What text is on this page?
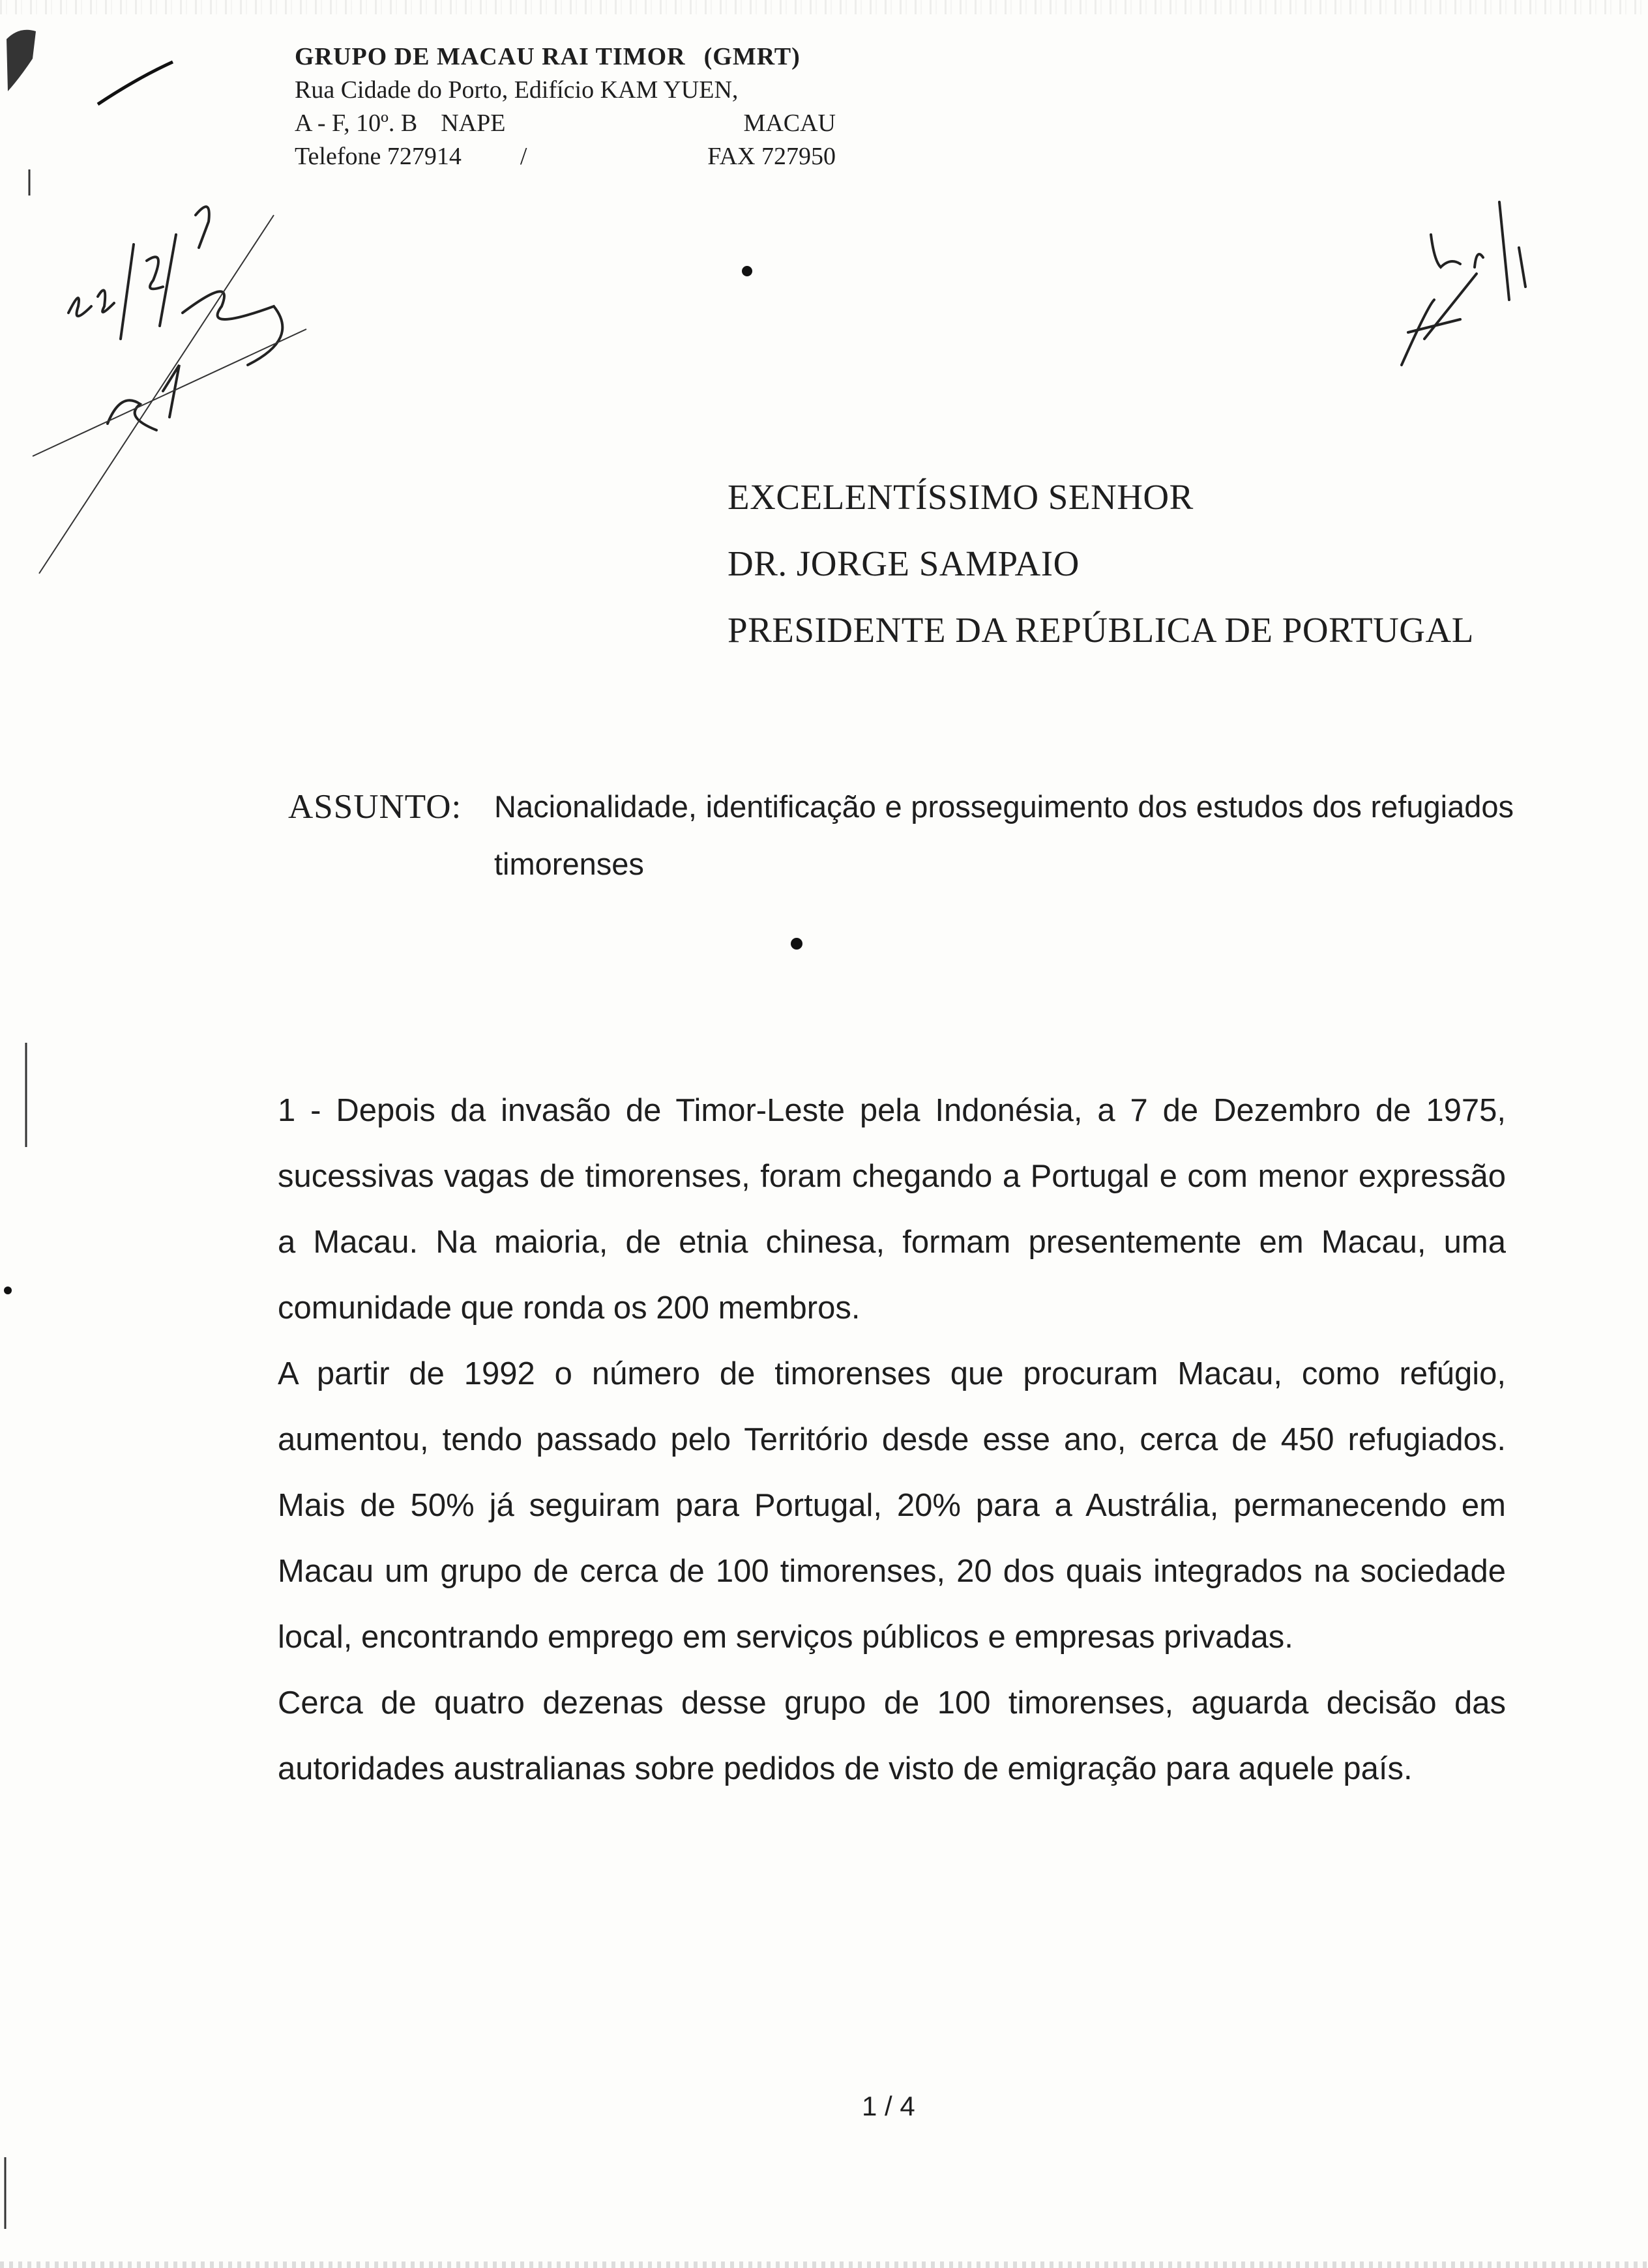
GRUPO DE MACAU RAI TIMOR (GMRT)
Rua Cidade do Porto, Edifício KAM YUEN,
A - F, 10º. B NAPE	MACAU
Telefone 727914 /	FAX 727950
EXCELENTÍSSIMO SENHOR
DR. JORGE SAMPAIO
PRESIDENTE DA REPÚBLICA DE PORTUGAL
ASSUNTO: Nacionalidade, identificação e prosseguimento dos estudos dos refugiados timorenses

1 - Depois da invasão de Timor-Leste pela Indonésia, a 7 de Dezembro de 1975, sucessivas vagas de timorenses, foram chegando a Portugal e com menor expressão a Macau. Na maioria, de etnia chinesa, formam presentemente em Macau, uma comunidade que ronda os 200 membros.

A partir de 1992 o número de timorenses que procuram Macau, como refúgio, aumentou, tendo passado pelo Território desde esse ano, cerca de 450 refugiados. Mais de 50% já seguiram para Portugal, 20% para a Austrália, permanecendo em Macau um grupo de cerca de 100 timorenses, 20 dos quais integrados na sociedade local, encontrando emprego em serviços públicos e empresas privadas.

Cerca de quatro dezenas desse grupo de 100 timorenses, aguarda decisão das autoridades australianas sobre pedidos de visto de emigração para aquele país.

1 / 4
